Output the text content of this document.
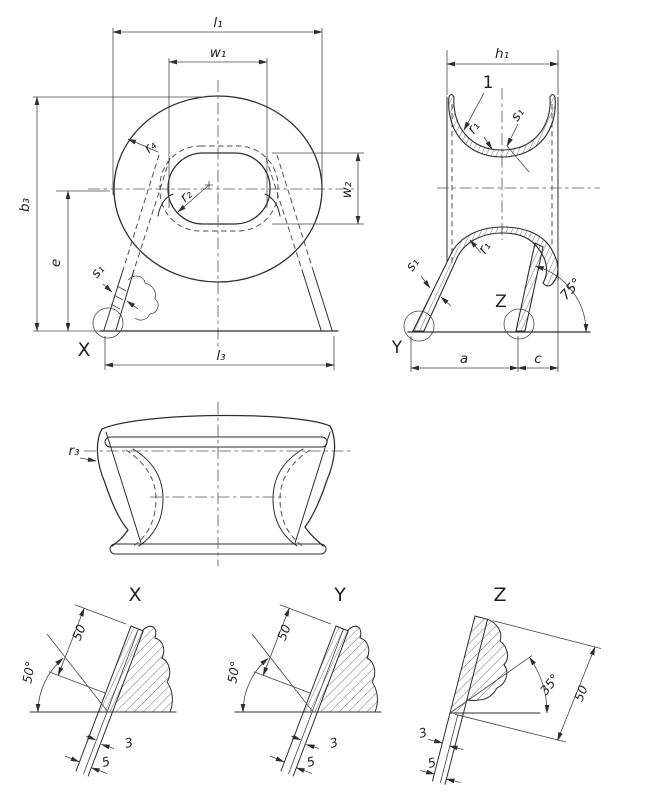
X
l₁
w₁
b₃
e
l₃
w₂
r₄
r₂
s₁
Y
Z
h₁
1
r₁
s₁
r₁
s₁
75°
a	c
r₃
X
50°
50
3
5
Y
50°
50
3
5
Z
35° 50
3
5
